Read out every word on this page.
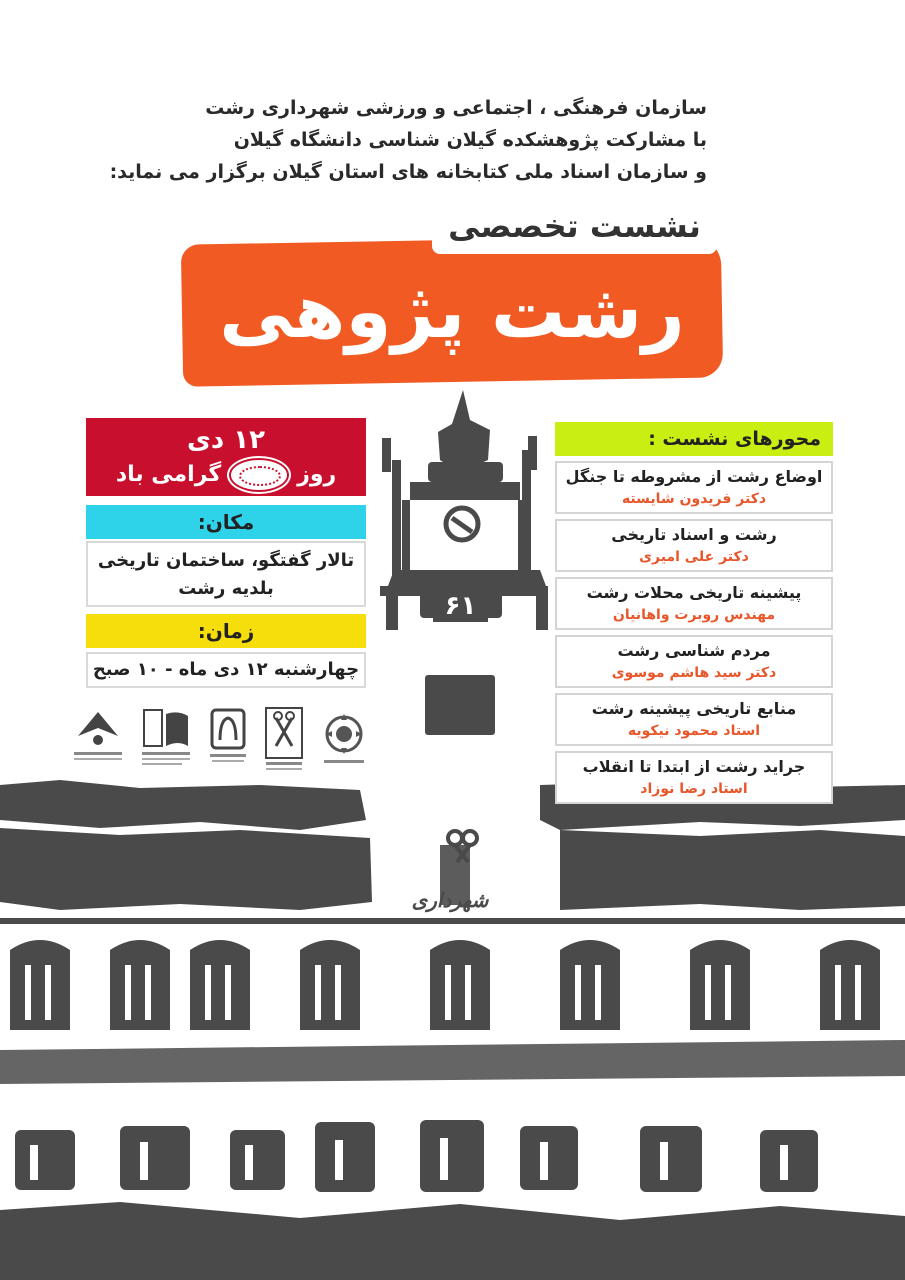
۶۱
شهرداری
سازمان فرهنگی ، اجتماعی و ورزشی شهرداری رشت
با مشارکت پژوهشکده گیلان شناسی دانشگاه گیلان
و سازمان اسناد ملی کتابخانه های استان گیلان برگزار می نماید:
نشست تخصصی
رشت پژوهی
۱۲ دی
روز
گرامی باد
مکان:
تالار گفتگو، ساختمان تاریخی
بلدیه رشت
زمان:
چهارشنبه ۱۲ دی ماه - ۱۰ صبح
محورهای نشست :
اوضاع رشت از مشروطه تا جنگل
دکتر فریدون شایسته
رشت و اسناد تاریخی
دکتر علی امیری
پیشینه تاریخی محلات رشت
مهندس روبرت واهانیان
مردم شناسی رشت
دکتر سید هاشم موسوی
منابع تاریخی پیشینه رشت
استاد محمود نیکویه
جراید رشت از ابتدا تا انقلاب
استاد رضا نوزاد
